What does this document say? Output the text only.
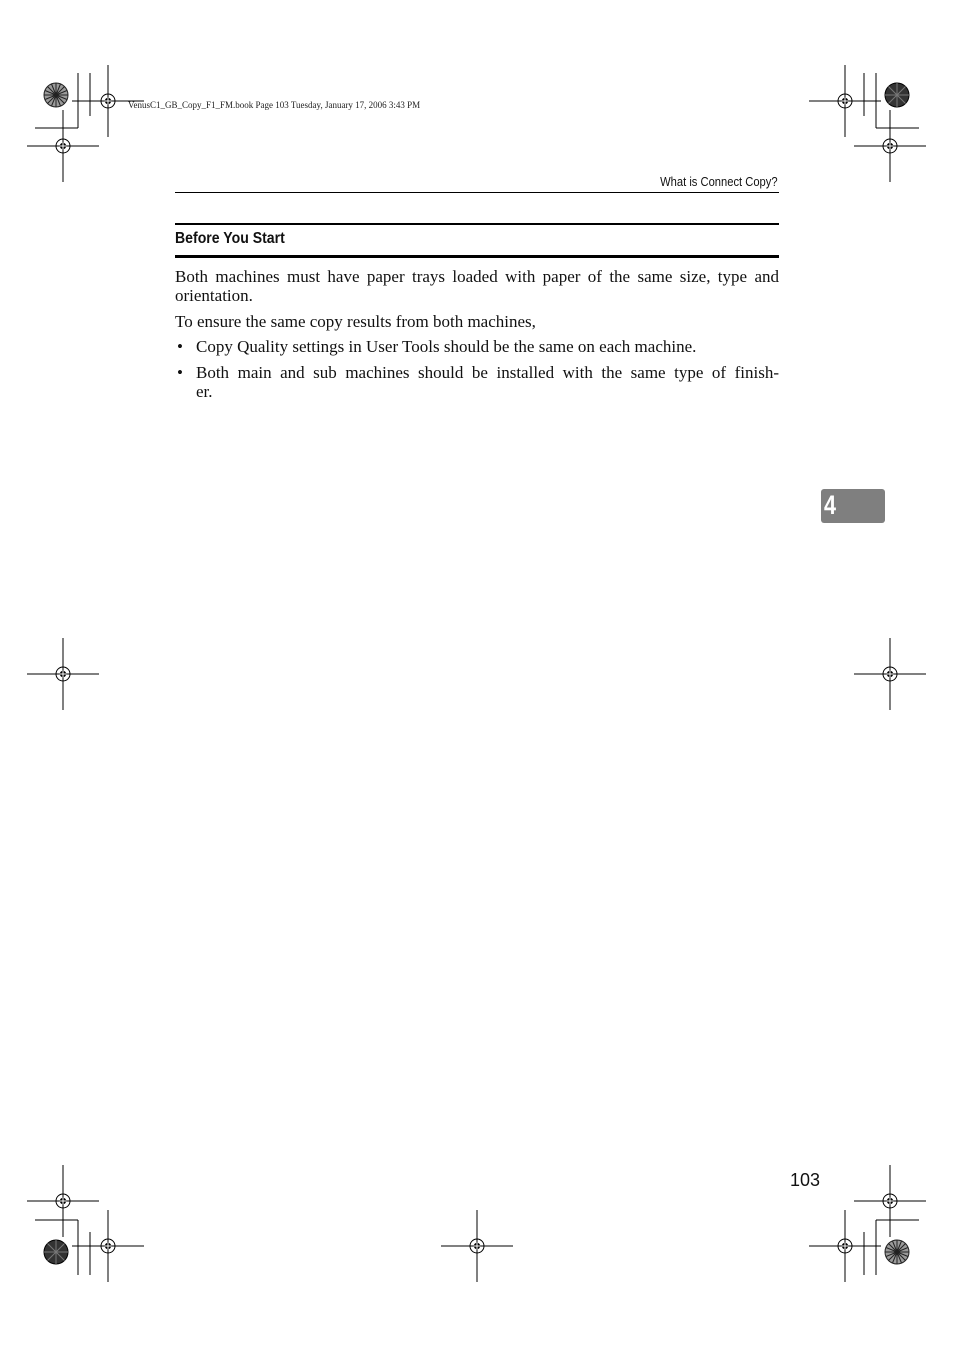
VenusC1_GB_Copy_F1_FM.book Page 103 Tuesday, January 17, 2006 3:43 PM
What is Connect Copy?
Before You Start
Both machines must have paper trays loaded with paper of the same size, type and orientation.
To ensure the same copy results from both machines,
• Copy Quality settings in User Tools should be the same on each machine.
• Both main and sub machines should be installed with the same type of finish-
er.
4
103
